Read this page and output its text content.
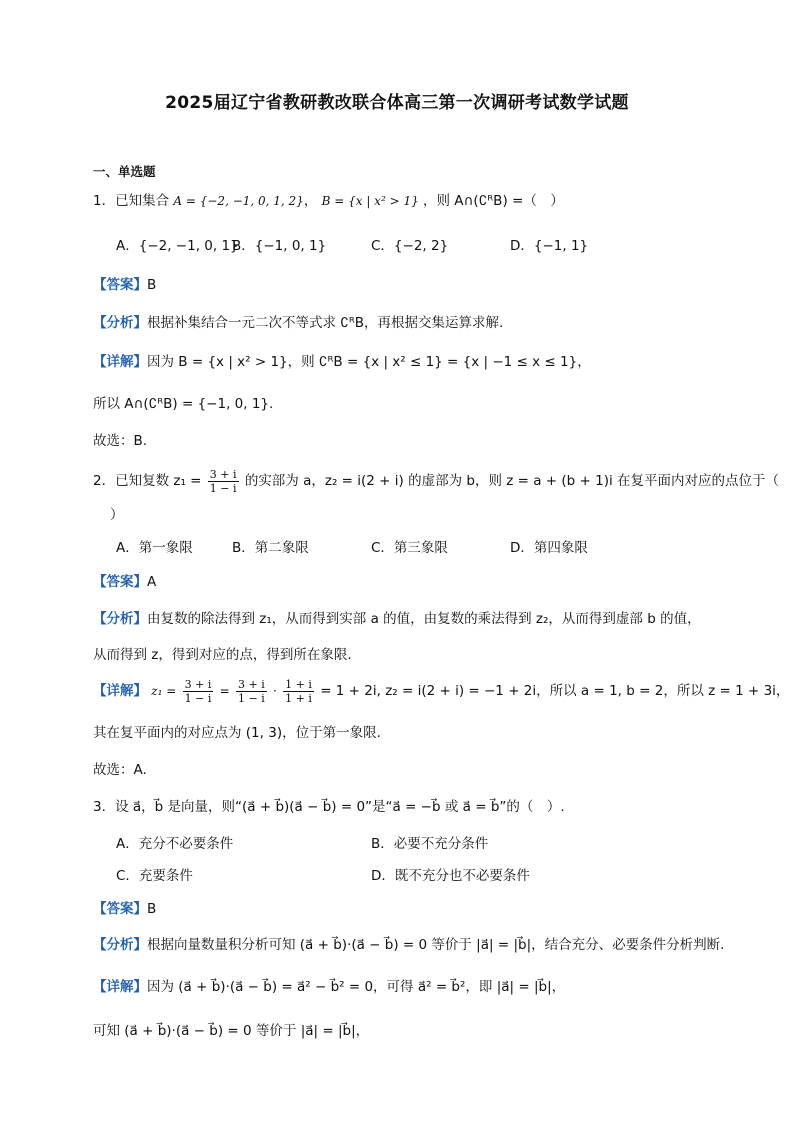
2025届辽宁省教研教改联合体高三第一次调研考试数学试题
一、单选题
1．已知集合 A = {−2, −1, 0, 1, 2}， B = {x | x² > 1} ，则 A∩(∁ᴿB) =（　）
A．{−2, −1, 0, 1}
B．{−1, 0, 1}	C．{−2, 2}	D．{−1, 1}
【答案】B
【分析】根据补集结合一元二次不等式求 ∁ᴿB，再根据交集运算求解.
【详解】因为 B = {x | x² > 1}，则 ∁ᴿB = {x | x² ≤ 1} = {x | −1 ≤ x ≤ 1}，
所以 A∩(∁ᴿB) = {−1, 0, 1}.
故选：B.
2．已知复数 $z_1 = \frac{3 + i}{1 - i}$ 的实部为 a，z₂ = i(2 + i) 的虚部为 b，则 z = a + (b + 1)i 在复平面内对应的点位于（
）
A．第一象限	B．第二象限	C．第三象限	D．第四象限
【答案】A
【分析】由复数的除法得到 z₁，从而得到实部 a 的值，由复数的乘法得到 z₂，从而得到虚部 b 的值，
从而得到 z，得到对应的点，得到所在象限.
【详解】 $z_1 = \frac{3 + i}{1 - i} = \frac{3 + i}{1 - i} \cdot \frac{1 + i}{1 + i} = 1 + 2i$, z₂ = i(2 + i) = −1 + 2i，所以 a = 1, b = 2，所以 z = 1 + 3i，
其在复平面内的对应点为 (1, 3)，位于第一象限.
故选：A.
3．设 a⃗，b⃗ 是向量，则“(a⃗ + b⃗)(a⃗ − b⃗) = 0”是“a⃗ = −b⃗ 或 a⃗ = b⃗”的（　）.
A．充分不必要条件	B．必要不充分条件
C．充要条件	D．既不充分也不必要条件
【答案】B
【分析】根据向量数量积分析可知 (a⃗ + b⃗)·(a⃗ − b⃗) = 0 等价于 |a⃗| = |b⃗|，结合充分、必要条件分析判断.
【详解】因为 (a⃗ + b⃗)·(a⃗ − b⃗) = a⃗² − b⃗² = 0，可得 a⃗² = b⃗²，即 |a⃗| = |b⃗|，
可知 (a⃗ + b⃗)·(a⃗ − b⃗) = 0 等价于 |a⃗| = |b⃗|，
